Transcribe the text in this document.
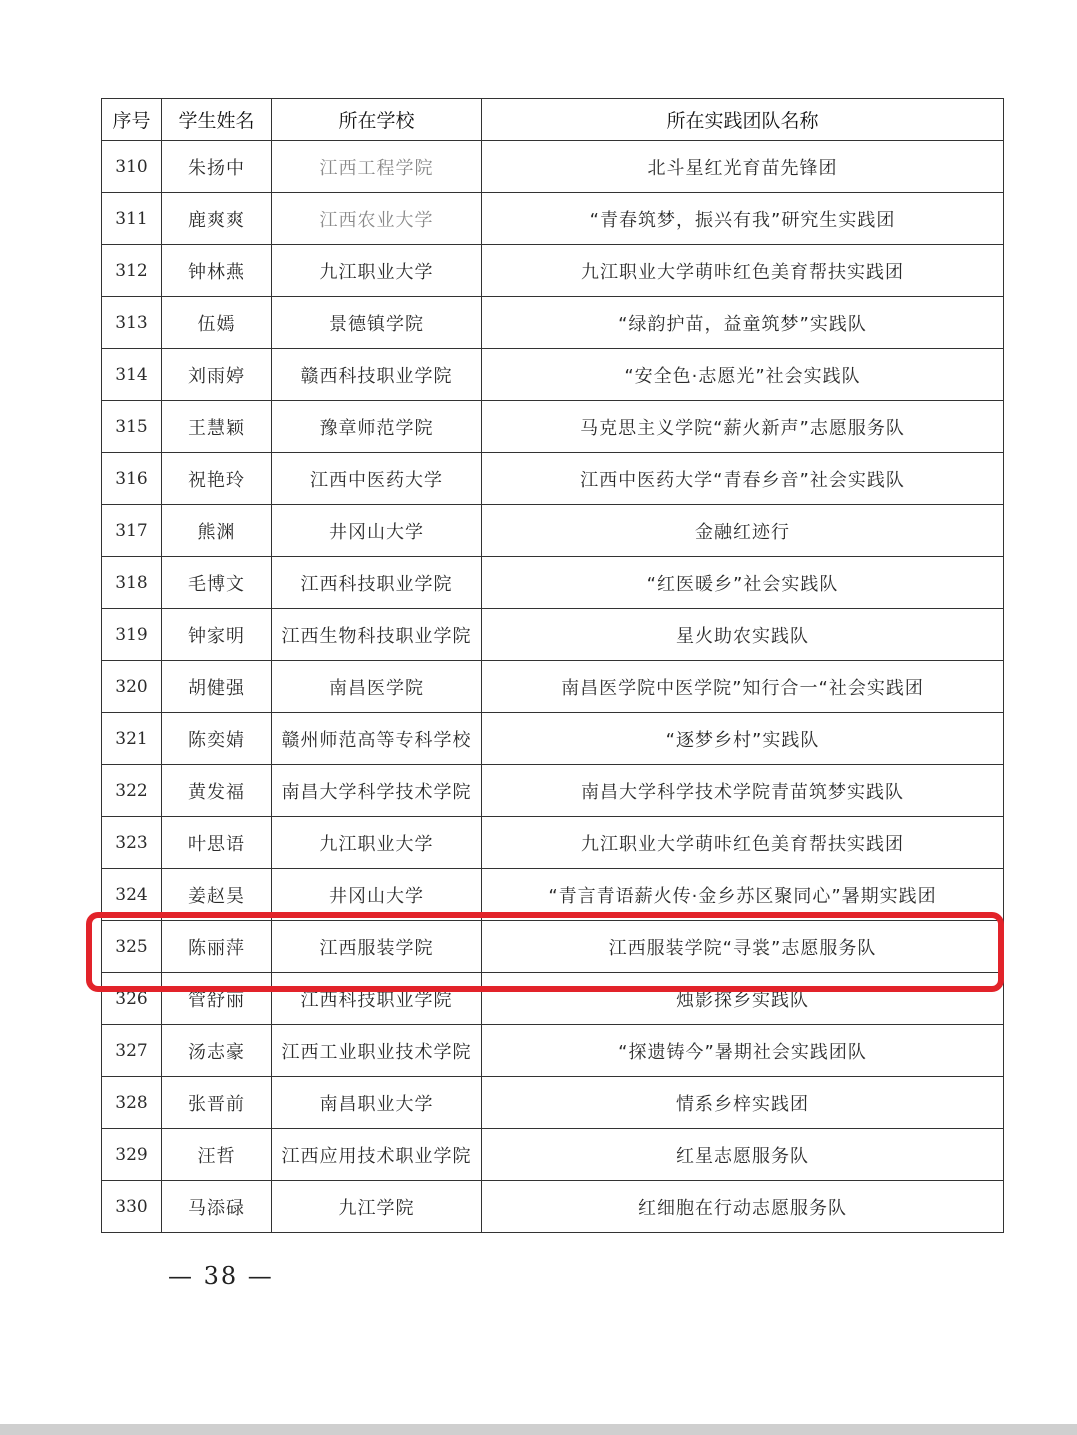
序号	学生姓名	所在学校	所在实践团队名称
310	朱扬中	江西工程学院	北斗星红光育苗先锋团
311	鹿爽爽	江西农业大学	“青春筑梦，振兴有我”研究生实践团
312	钟林燕	九江职业大学	九江职业大学萌咔红色美育帮扶实践团
313	伍嫣	景德镇学院	“绿韵护苗，益童筑梦”实践队
314	刘雨婷	赣西科技职业学院	“安全色·志愿光”社会实践队
315	王慧颖	豫章师范学院	马克思主义学院“薪火新声”志愿服务队
316	祝艳玲	江西中医药大学	江西中医药大学“青春乡音”社会实践队
317	熊渊	井冈山大学	金融红迹行
318	毛博文	江西科技职业学院	“红医暖乡”社会实践队
319	钟家明	江西生物科技职业学院	星火助农实践队
320	胡健强	南昌医学院	南昌医学院中医学院”知行合一“社会实践团
321	陈奕婧	赣州师范高等专科学校	“逐梦乡村”实践队
322	黄发福	南昌大学科学技术学院	南昌大学科学技术学院青苗筑梦实践队
323	叶思语	九江职业大学	九江职业大学萌咔红色美育帮扶实践团
324	姜赵昊	井冈山大学	“青言青语薪火传·金乡苏区聚同心”暑期实践团
325	陈丽萍	江西服装学院	江西服装学院“寻裳”志愿服务队
326	管舒丽	江西科技职业学院	烛影探乡实践队
327	汤志豪	江西工业职业技术学院	“探遗铸今”暑期社会实践团队
328	张晋前	南昌职业大学	情系乡梓实践团
329	汪哲	江西应用技术职业学院	红星志愿服务队
330	马添碌	九江学院	红细胞在行动志愿服务队
— 38 —
